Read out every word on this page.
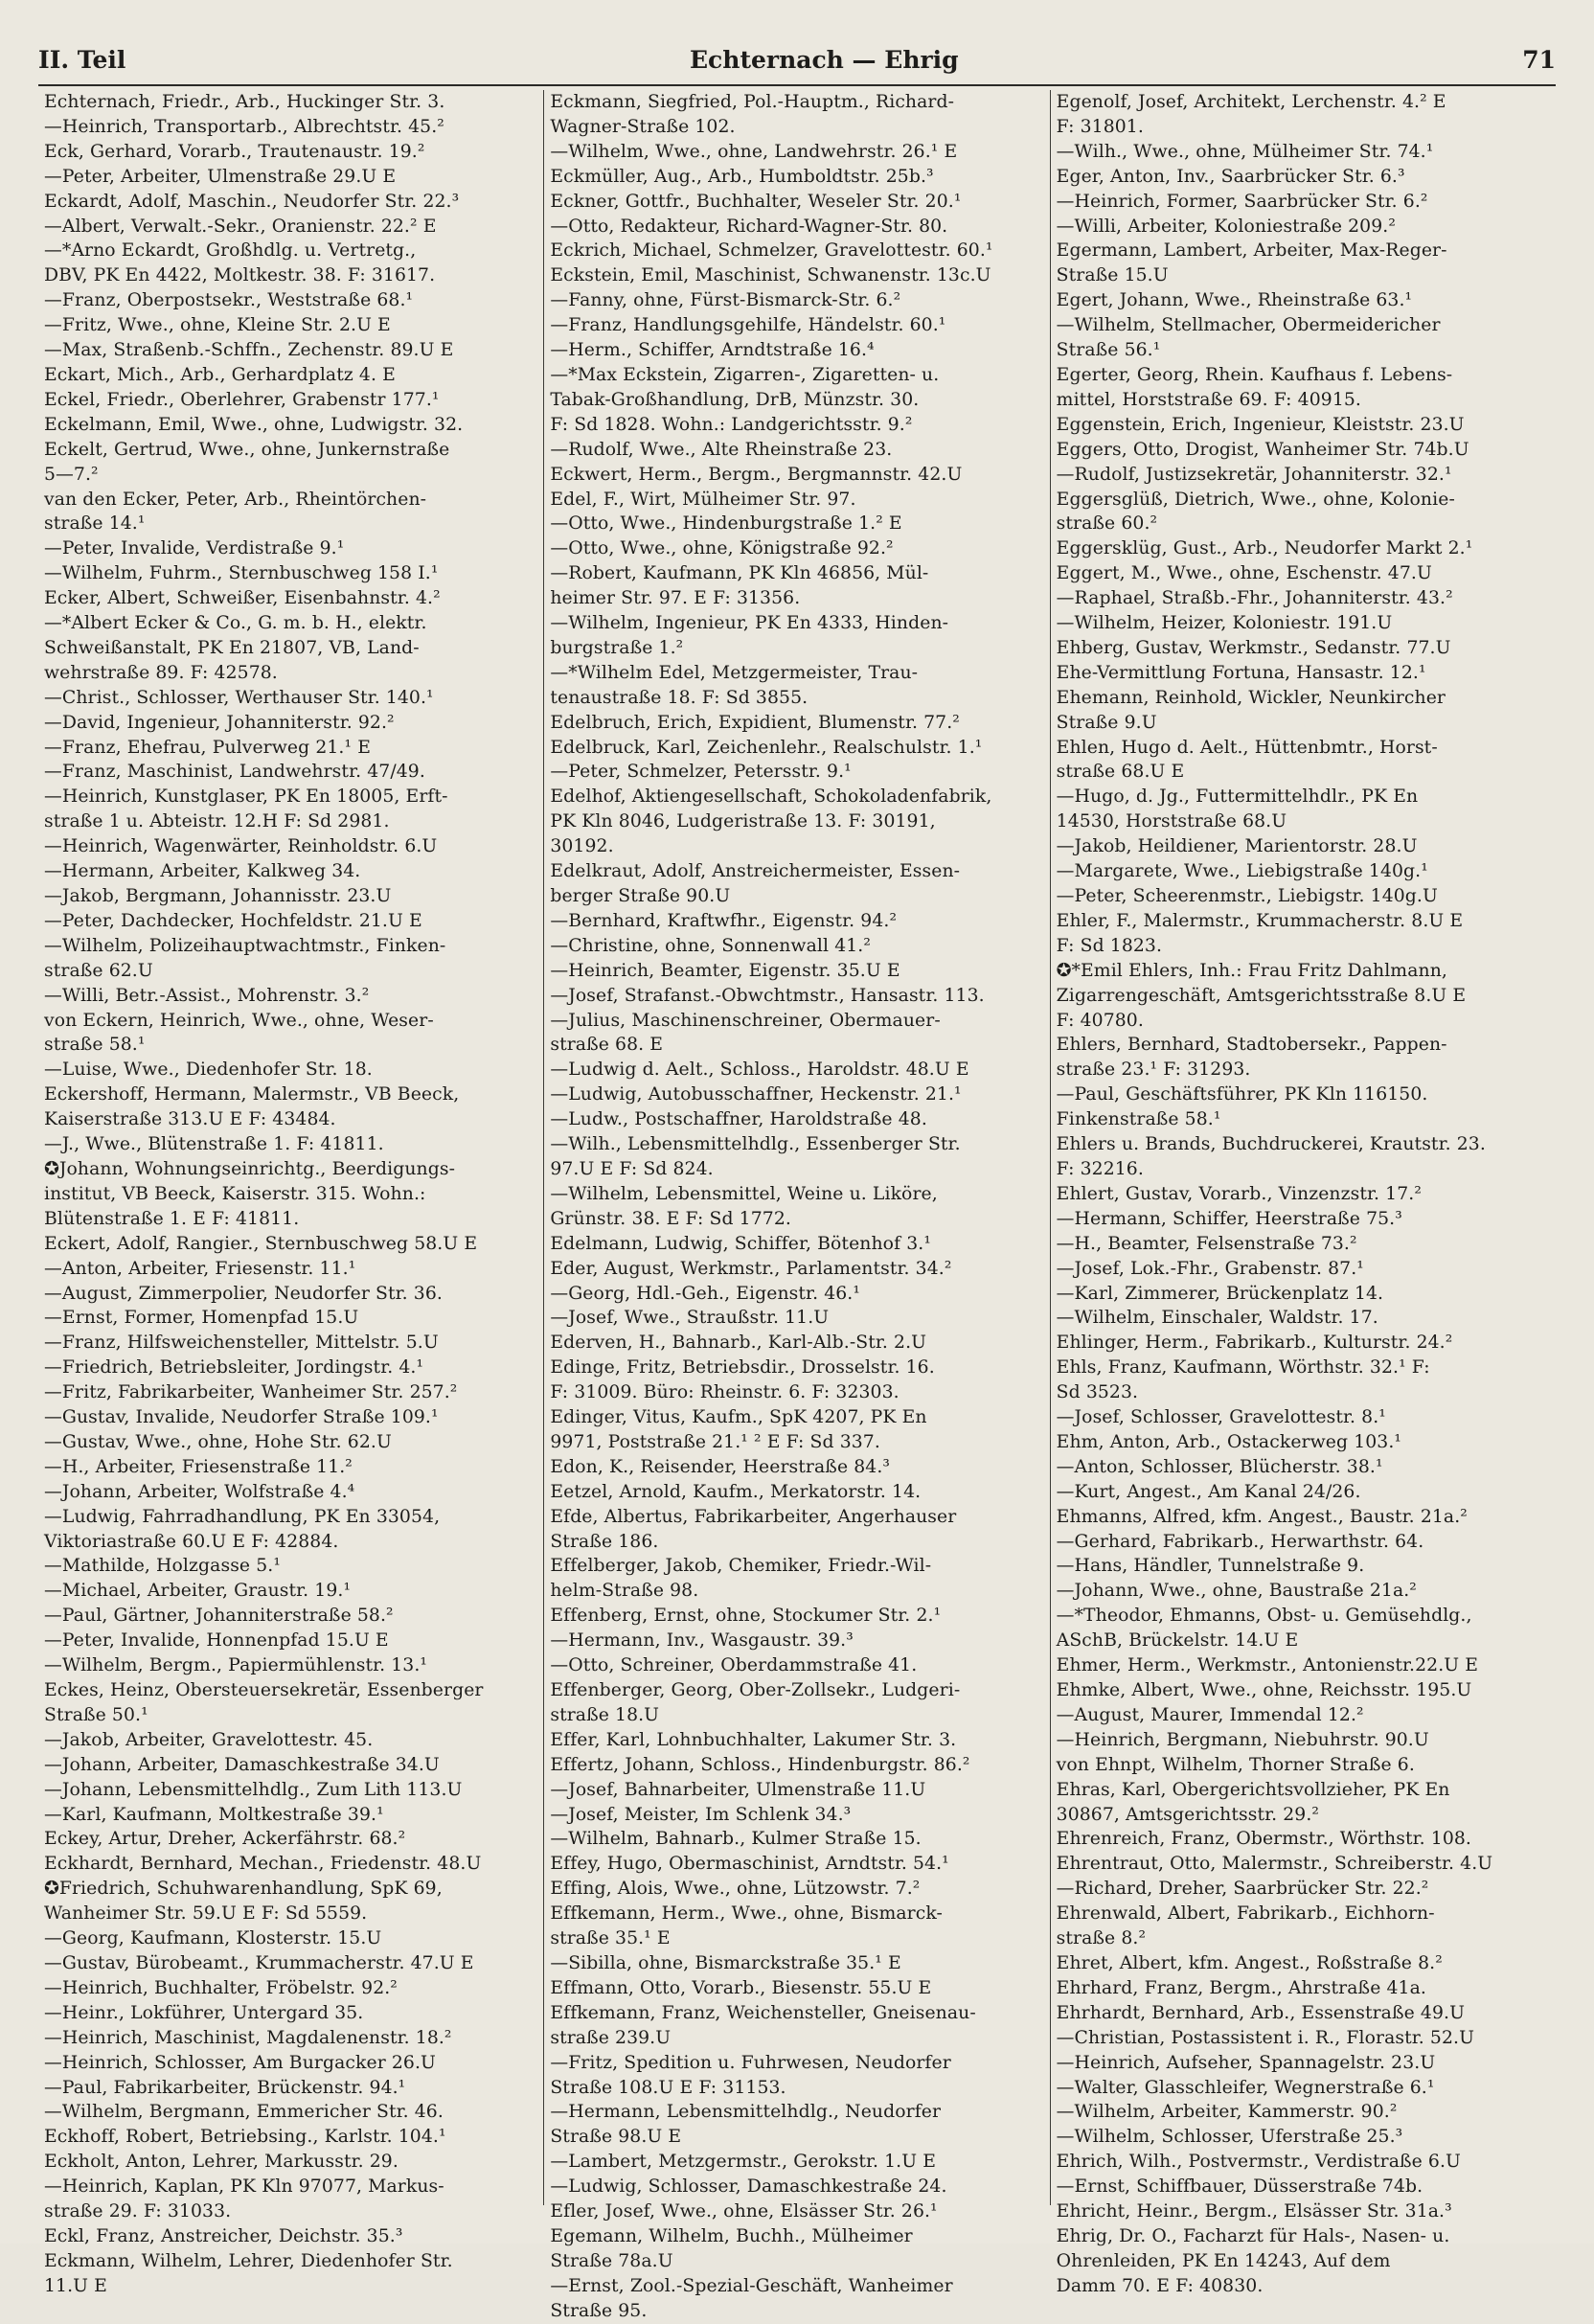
II. Teil	Echternach — Ehrig	71
Echternach, Friedr., Arb., Huckinger Str. 3.
—Heinrich, Transportarb., Albrechtstr. 45.²
Eck, Gerhard, Vorarb., Trautenaustr. 19.²
—Peter, Arbeiter, Ulmenstraße 29.U E
Eckardt, Adolf, Maschin., Neudorfer Str. 22.³
—Albert, Verwalt.-Sekr., Oranienstr. 22.² E
—*Arno Eckardt, Großhdlg. u. Vertretg.,
DBV, PK En 4422, Moltkestr. 38. F: 31617.
—Franz, Oberpostsekr., Weststraße 68.¹
—Fritz, Wwe., ohne, Kleine Str. 2.U E
—Max, Straßenb.-Schffn., Zechenstr. 89.U E
Eckart, Mich., Arb., Gerhardplatz 4. E
Eckel, Friedr., Oberlehrer, Grabenstr 177.¹
Eckelmann, Emil, Wwe., ohne, Ludwigstr. 32.
Eckelt, Gertrud, Wwe., ohne, Junkernstraße
5—7.²
van den Ecker, Peter, Arb., Rheintörchen-
straße 14.¹
—Peter, Invalide, Verdistraße 9.¹
—Wilhelm, Fuhrm., Sternbuschweg 158 I.¹
Ecker, Albert, Schweißer, Eisenbahnstr. 4.²
—*Albert Ecker & Co., G. m. b. H., elektr.
Schweißanstalt, PK En 21807, VB, Land-
wehrstraße 89. F: 42578.
—Christ., Schlosser, Werthauser Str. 140.¹
—David, Ingenieur, Johanniterstr. 92.²
—Franz, Ehefrau, Pulverweg 21.¹ E
—Franz, Maschinist, Landwehrstr. 47/49.
—Heinrich, Kunstglaser, PK En 18005, Erft-
straße 1 u. Abteistr. 12.H F: Sd 2981.
—Heinrich, Wagenwärter, Reinholdstr. 6.U
—Hermann, Arbeiter, Kalkweg 34.
—Jakob, Bergmann, Johannisstr. 23.U
—Peter, Dachdecker, Hochfeldstr. 21.U E
—Wilhelm, Polizeihauptwachtmstr., Finken-
straße 62.U
—Willi, Betr.-Assist., Mohrenstr. 3.²
von Eckern, Heinrich, Wwe., ohne, Weser-
straße 58.¹
—Luise, Wwe., Diedenhofer Str. 18.
Eckershoff, Hermann, Malermstr., VB Beeck,
Kaiserstraße 313.U E F: 43484.
—J., Wwe., Blütenstraße 1. F: 41811.
✪Johann, Wohnungseinrichtg., Beerdigungs-
institut, VB Beeck, Kaiserstr. 315. Wohn.:
Blütenstraße 1. E F: 41811.
Eckert, Adolf, Rangier., Sternbuschweg 58.U E
—Anton, Arbeiter, Friesenstr. 11.¹
—August, Zimmerpolier, Neudorfer Str. 36.
—Ernst, Former, Homenpfad 15.U
—Franz, Hilfsweichensteller, Mittelstr. 5.U
—Friedrich, Betriebsleiter, Jordingstr. 4.¹
—Fritz, Fabrikarbeiter, Wanheimer Str. 257.²
—Gustav, Invalide, Neudorfer Straße 109.¹
—Gustav, Wwe., ohne, Hohe Str. 62.U
—H., Arbeiter, Friesenstraße 11.²
—Johann, Arbeiter, Wolfstraße 4.⁴
—Ludwig, Fahrradhandlung, PK En 33054,
Viktoriastraße 60.U E F: 42884.
—Mathilde, Holzgasse 5.¹
—Michael, Arbeiter, Graustr. 19.¹
—Paul, Gärtner, Johanniterstraße 58.²
—Peter, Invalide, Honnenpfad 15.U E
—Wilhelm, Bergm., Papiermühlenstr. 13.¹
Eckes, Heinz, Obersteuersekretär, Essenberger
Straße 50.¹
—Jakob, Arbeiter, Gravelottestr. 45.
—Johann, Arbeiter, Damaschkestraße 34.U
—Johann, Lebensmittelhdlg., Zum Lith 113.U
—Karl, Kaufmann, Moltkestraße 39.¹
Eckey, Artur, Dreher, Ackerfährstr. 68.²
Eckhardt, Bernhard, Mechan., Friedenstr. 48.U
✪Friedrich, Schuhwarenhandlung, SpK 69,
Wanheimer Str. 59.U E F: Sd 5559.
—Georg, Kaufmann, Klosterstr. 15.U
—Gustav, Bürobeamt., Krummacherstr. 47.U E
—Heinrich, Buchhalter, Fröbelstr. 92.²
—Heinr., Lokführer, Untergard 35.
—Heinrich, Maschinist, Magdalenenstr. 18.²
—Heinrich, Schlosser, Am Burgacker 26.U
—Paul, Fabrikarbeiter, Brückenstr. 94.¹
—Wilhelm, Bergmann, Emmericher Str. 46.
Eckhoff, Robert, Betriebsing., Karlstr. 104.¹
Eckholt, Anton, Lehrer, Markusstr. 29.
—Heinrich, Kaplan, PK Kln 97077, Markus-
straße 29. F: 31033.
Eckl, Franz, Anstreicher, Deichstr. 35.³
Eckmann, Wilhelm, Lehrer, Diedenhofer Str.
11.U E
Eckmann, Siegfried, Pol.-Hauptm., Richard-
Wagner-Straße 102.
—Wilhelm, Wwe., ohne, Landwehrstr. 26.¹ E
Eckmüller, Aug., Arb., Humboldtstr. 25b.³
Eckner, Gottfr., Buchhalter, Weseler Str. 20.¹
—Otto, Redakteur, Richard-Wagner-Str. 80.
Eckrich, Michael, Schmelzer, Gravelottestr. 60.¹
Eckstein, Emil, Maschinist, Schwanenstr. 13c.U
—Fanny, ohne, Fürst-Bismarck-Str. 6.²
—Franz, Handlungsgehilfe, Händelstr. 60.¹
—Herm., Schiffer, Arndtstraße 16.⁴
—*Max Eckstein, Zigarren-, Zigaretten- u.
Tabak-Großhandlung, DrB, Münzstr. 30.
F: Sd 1828. Wohn.: Landgerichtsstr. 9.²
—Rudolf, Wwe., Alte Rheinstraße 23.
Eckwert, Herm., Bergm., Bergmannstr. 42.U
Edel, F., Wirt, Mülheimer Str. 97.
—Otto, Wwe., Hindenburgstraße 1.² E
—Otto, Wwe., ohne, Königstraße 92.²
—Robert, Kaufmann, PK Kln 46856, Mül-
heimer Str. 97. E F: 31356.
—Wilhelm, Ingenieur, PK En 4333, Hinden-
burgstraße 1.²
—*Wilhelm Edel, Metzgermeister, Trau-
tenaustraße 18. F: Sd 3855.
Edelbruch, Erich, Expidient, Blumenstr. 77.²
Edelbruck, Karl, Zeichenlehr., Realschulstr. 1.¹
—Peter, Schmelzer, Petersstr. 9.¹
Edelhof, Aktiengesellschaft, Schokoladenfabrik,
PK Kln 8046, Ludgeristraße 13. F: 30191,
30192.
Edelkraut, Adolf, Anstreichermeister, Essen-
berger Straße 90.U
—Bernhard, Kraftwfhr., Eigenstr. 94.²
—Christine, ohne, Sonnenwall 41.²
—Heinrich, Beamter, Eigenstr. 35.U E
—Josef, Strafanst.-Obwchtmstr., Hansastr. 113.
—Julius, Maschinenschreiner, Obermauer-
straße 68. E
—Ludwig d. Aelt., Schloss., Haroldstr. 48.U E
—Ludwig, Autobusschaffner, Heckenstr. 21.¹
—Ludw., Postschaffner, Haroldstraße 48.
—Wilh., Lebensmittelhdlg., Essenberger Str.
97.U E F: Sd 824.
—Wilhelm, Lebensmittel, Weine u. Liköre,
Grünstr. 38. E F: Sd 1772.
Edelmann, Ludwig, Schiffer, Bötenhof 3.¹
Eder, August, Werkmstr., Parlamentstr. 34.²
—Georg, Hdl.-Geh., Eigenstr. 46.¹
—Josef, Wwe., Straußstr. 11.U
Ederven, H., Bahnarb., Karl-Alb.-Str. 2.U
Edinge, Fritz, Betriebsdir., Drosselstr. 16.
F: 31009. Büro: Rheinstr. 6. F: 32303.
Edinger, Vitus, Kaufm., SpK 4207, PK En
9971, Poststraße 21.¹ ² E F: Sd 337.
Edon, K., Reisender, Heerstraße 84.³
Eetzel, Arnold, Kaufm., Merkatorstr. 14.
Efde, Albertus, Fabrikarbeiter, Angerhauser
Straße 186.
Effelberger, Jakob, Chemiker, Friedr.-Wil-
helm-Straße 98.
Effenberg, Ernst, ohne, Stockumer Str. 2.¹
—Hermann, Inv., Wasgaustr. 39.³
—Otto, Schreiner, Oberdammstraße 41.
Effenberger, Georg, Ober-Zollsekr., Ludgeri-
straße 18.U
Effer, Karl, Lohnbuchhalter, Lakumer Str. 3.
Effertz, Johann, Schloss., Hindenburgstr. 86.²
—Josef, Bahnarbeiter, Ulmenstraße 11.U
—Josef, Meister, Im Schlenk 34.³
—Wilhelm, Bahnarb., Kulmer Straße 15.
Effey, Hugo, Obermaschinist, Arndtstr. 54.¹
Effing, Alois, Wwe., ohne, Lützowstr. 7.²
Effkemann, Herm., Wwe., ohne, Bismarck-
straße 35.¹ E
—Sibilla, ohne, Bismarckstraße 35.¹ E
Effmann, Otto, Vorarb., Biesenstr. 55.U E
Effkemann, Franz, Weichensteller, Gneisenau-
straße 239.U
—Fritz, Spedition u. Fuhrwesen, Neudorfer
Straße 108.U E F: 31153.
—Hermann, Lebensmittelhdlg., Neudorfer
Straße 98.U E
—Lambert, Metzgermstr., Gerokstr. 1.U E
—Ludwig, Schlosser, Damaschkestraße 24.
Efler, Josef, Wwe., ohne, Elsässer Str. 26.¹
Egemann, Wilhelm, Buchh., Mülheimer
Straße 78a.U
—Ernst, Zool.-Spezial-Geschäft, Wanheimer
Straße 95.
Egenolf, Josef, Architekt, Lerchenstr. 4.² E
F: 31801.
—Wilh., Wwe., ohne, Mülheimer Str. 74.¹
Eger, Anton, Inv., Saarbrücker Str. 6.³
—Heinrich, Former, Saarbrücker Str. 6.²
—Willi, Arbeiter, Koloniestraße 209.²
Egermann, Lambert, Arbeiter, Max-Reger-
Straße 15.U
Egert, Johann, Wwe., Rheinstraße 63.¹
—Wilhelm, Stellmacher, Obermeidericher
Straße 56.¹
Egerter, Georg, Rhein. Kaufhaus f. Lebens-
mittel, Horststraße 69. F: 40915.
Eggenstein, Erich, Ingenieur, Kleiststr. 23.U
Eggers, Otto, Drogist, Wanheimer Str. 74b.U
—Rudolf, Justizsekretär, Johanniterstr. 32.¹
Eggersglüß, Dietrich, Wwe., ohne, Kolonie-
straße 60.²
Eggersklüg, Gust., Arb., Neudorfer Markt 2.¹
Eggert, M., Wwe., ohne, Eschenstr. 47.U
—Raphael, Straßb.-Fhr., Johanniterstr. 43.²
—Wilhelm, Heizer, Koloniestr. 191.U
Ehberg, Gustav, Werkmstr., Sedanstr. 77.U
Ehe-Vermittlung Fortuna, Hansastr. 12.¹
Ehemann, Reinhold, Wickler, Neunkircher
Straße 9.U
Ehlen, Hugo d. Aelt., Hüttenbmtr., Horst-
straße 68.U E
—Hugo, d. Jg., Futtermittelhdlr., PK En
14530, Horststraße 68.U
—Jakob, Heildiener, Marientorstr. 28.U
—Margarete, Wwe., Liebigstraße 140g.¹
—Peter, Scheerenmstr., Liebigstr. 140g.U
Ehler, F., Malermstr., Krummacherstr. 8.U E
F: Sd 1823.
✪*Emil Ehlers, Inh.: Frau Fritz Dahlmann,
Zigarrengeschäft, Amtsgerichtsstraße 8.U E
F: 40780.
Ehlers, Bernhard, Stadtobersekr., Pappen-
straße 23.¹ F: 31293.
—Paul, Geschäftsführer, PK Kln 116150.
Finkenstraße 58.¹
Ehlers u. Brands, Buchdruckerei, Krautstr. 23.
F: 32216.
Ehlert, Gustav, Vorarb., Vinzenzstr. 17.²
—Hermann, Schiffer, Heerstraße 75.³
—H., Beamter, Felsenstraße 73.²
—Josef, Lok.-Fhr., Grabenstr. 87.¹
—Karl, Zimmerer, Brückenplatz 14.
—Wilhelm, Einschaler, Waldstr. 17.
Ehlinger, Herm., Fabrikarb., Kulturstr. 24.²
Ehls, Franz, Kaufmann, Wörthstr. 32.¹ F:
Sd 3523.
—Josef, Schlosser, Gravelottestr. 8.¹
Ehm, Anton, Arb., Ostackerweg 103.¹
—Anton, Schlosser, Blücherstr. 38.¹
—Kurt, Angest., Am Kanal 24/26.
Ehmanns, Alfred, kfm. Angest., Baustr. 21a.²
—Gerhard, Fabrikarb., Herwarthstr. 64.
—Hans, Händler, Tunnelstraße 9.
—Johann, Wwe., ohne, Baustraße 21a.²
—*Theodor, Ehmanns, Obst- u. Gemüsehdlg.,
ASchB, Brückelstr. 14.U E
Ehmer, Herm., Werkmstr., Antonienstr.22.U E
Ehmke, Albert, Wwe., ohne, Reichsstr. 195.U
—August, Maurer, Immendal 12.²
—Heinrich, Bergmann, Niebuhrstr. 90.U
von Ehnpt, Wilhelm, Thorner Straße 6.
Ehras, Karl, Obergerichtsvollzieher, PK En
30867, Amtsgerichtsstr. 29.²
Ehrenreich, Franz, Obermstr., Wörthstr. 108.
Ehrentraut, Otto, Malermstr., Schreiberstr. 4.U
—Richard, Dreher, Saarbrücker Str. 22.²
Ehrenwald, Albert, Fabrikarb., Eichhorn-
straße 8.²
Ehret, Albert, kfm. Angest., Roßstraße 8.²
Ehrhard, Franz, Bergm., Ahrstraße 41a.
Ehrhardt, Bernhard, Arb., Essenstraße 49.U
—Christian, Postassistent i. R., Florastr. 52.U
—Heinrich, Aufseher, Spannagelstr. 23.U
—Walter, Glasschleifer, Wegnerstraße 6.¹
—Wilhelm, Arbeiter, Kammerstr. 90.²
—Wilhelm, Schlosser, Uferstraße 25.³
Ehrich, Wilh., Postvermstr., Verdistraße 6.U
—Ernst, Schiffbauer, Düsserstraße 74b.
Ehricht, Heinr., Bergm., Elsässer Str. 31a.³
Ehrig, Dr. O., Facharzt für Hals-, Nasen- u.
Ohrenleiden, PK En 14243, Auf dem
Damm 70. E F: 40830.
